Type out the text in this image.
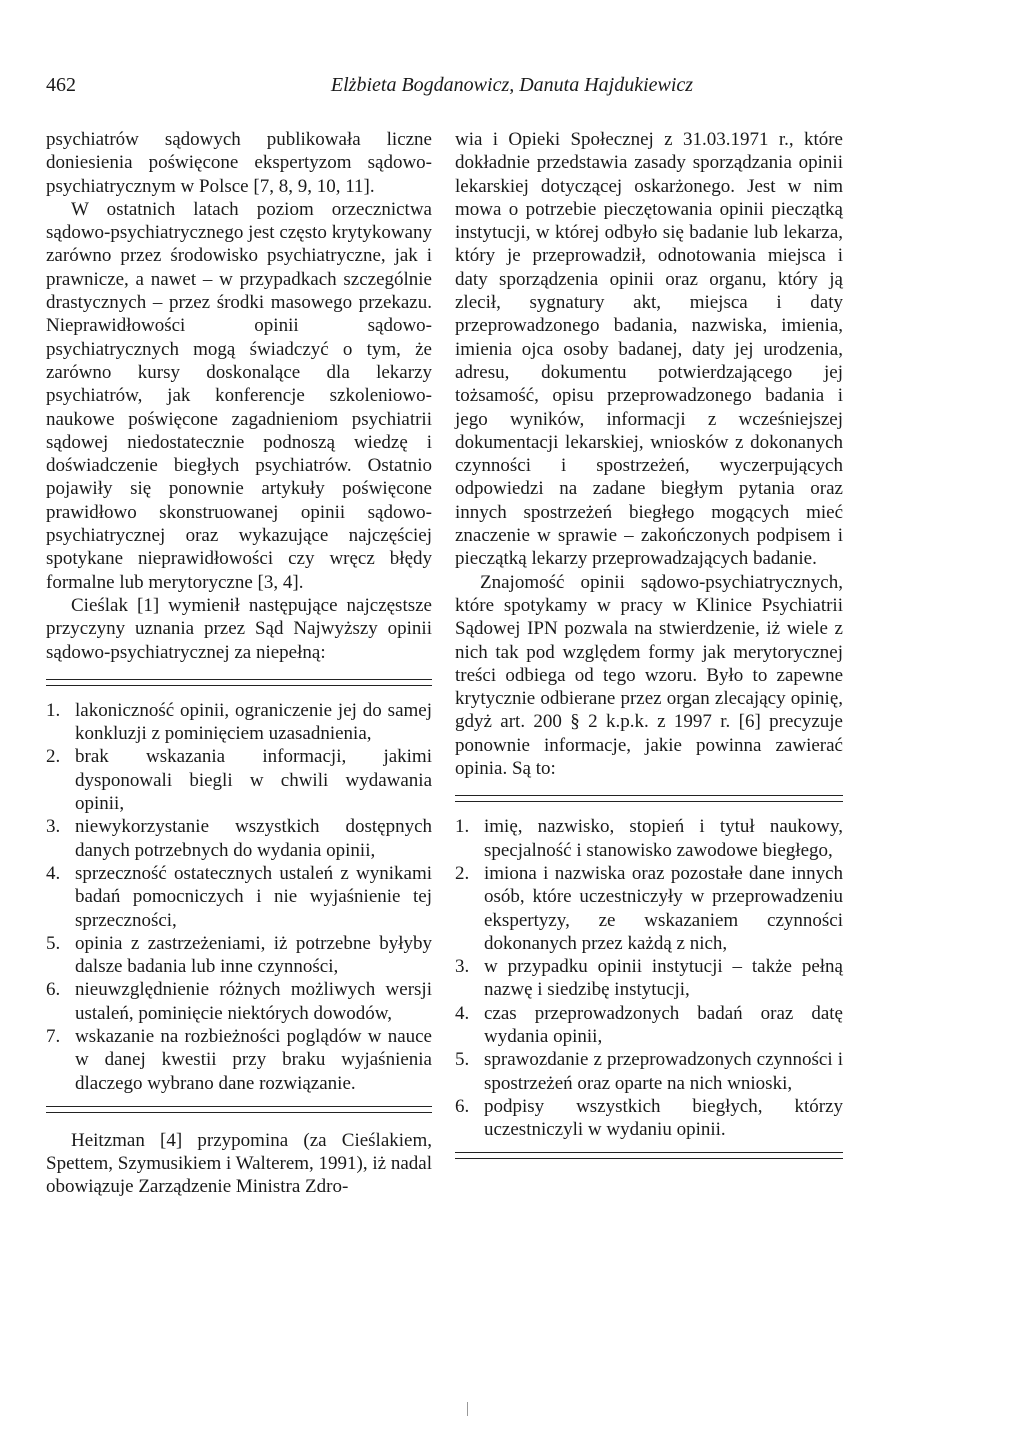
462	Elżbieta Bogdanowicz, Danuta Hajdukiewicz

psychiatrów sądowych publikowała liczne doniesienia poświęcone ekspertyzom sądowo-psychiatrycznym w Polsce [7, 8, 9, 10, 11].

W ostatnich latach poziom orzecznictwa sądowo-psychiatrycznego jest często krytykowany zarówno przez środowisko psychiatryczne, jak i prawnicze, a nawet – w przypadkach szczególnie drastycznych – przez środki masowego przekazu. Nieprawidłowości opinii sądowo-psychiatrycznych mogą świadczyć o tym, że zarówno kursy doskonalące dla lekarzy psychiatrów, jak konferencje szkoleniowo-naukowe poświęcone zagadnieniom psychiatrii sądowej niedostatecznie podnoszą wiedzę i doświadczenie biegłych psychiatrów. Ostatnio pojawiły się ponownie artykuły poświęcone prawidłowo skonstruowanej opinii sądowo-psychiatrycznej oraz wykazujące najczęściej spotykane nieprawidłowości czy wręcz błędy formalne lub merytoryczne [3, 4].

Cieślak [1] wymienił następujące najczęstsze przyczyny uznania przez Sąd Najwyższy opinii sądowo-psychiatrycznej za niepełną:

1. lakoniczność opinii, ograniczenie jej do samej konkluzji z pominięciem uzasadnienia,
2. brak wskazania informacji, jakimi dysponowali biegli w chwili wydawania opinii,
3. niewykorzystanie wszystkich dostępnych danych potrzebnych do wydania opinii,
4. sprzeczność ostatecznych ustaleń z wynikami badań pomocniczych i nie wyjaśnienie tej sprzeczności,
5. opinia z zastrzeżeniami, iż potrzebne byłyby dalsze badania lub inne czynności,
6. nieuwzględnienie różnych możliwych wersji ustaleń, pominięcie niektórych dowodów,
7. wskazanie na rozbieżności poglądów w nauce w danej kwestii przy braku wyjaśnienia dlaczego wybrano dane rozwiązanie.

Heitzman [4] przypomina (za Cieślakiem, Spettem, Szymusikiem i Walterem, 1991), iż nadal obowiązuje Zarządzenie Ministra Zdro-

wia i Opieki Społecznej z 31.03.1971 r., które dokładnie przedstawia zasady sporządzania opinii lekarskiej dotyczącej oskarżonego. Jest w nim mowa o potrzebie pieczętowania opinii pieczątką instytucji, w której odbyło się badanie lub lekarza, który je przeprowadził, odnotowania miejsca i daty sporządzenia opinii oraz organu, który ją zlecił, sygnatury akt, miejsca i daty przeprowadzonego badania, nazwiska, imienia, imienia ojca osoby badanej, daty jej urodzenia, adresu, dokumentu potwierdzającego jej tożsamość, opisu przeprowadzonego badania i jego wyników, informacji z wcześniejszej dokumentacji lekarskiej, wniosków z dokonanych czynności i spostrzeżeń, wyczerpujących odpowiedzi na zadane biegłym pytania oraz innych spostrzeżeń biegłego mogących mieć znaczenie w sprawie – zakończonych podpisem i pieczątką lekarzy przeprowadzających badanie.

Znajomość opinii sądowo-psychiatrycznych, które spotykamy w pracy w Klinice Psychiatrii Sądowej IPN pozwala na stwierdzenie, iż wiele z nich tak pod względem formy jak merytorycznej treści odbiega od tego wzoru. Było to zapewne krytycznie odbierane przez organ zlecający opinię, gdyż art. 200 § 2 k.p.k. z 1997 r. [6] precyzuje ponownie informacje, jakie powinna zawierać opinia. Są to:

1. imię, nazwisko, stopień i tytuł naukowy, specjalność i stanowisko zawodowe biegłego,
2. imiona i nazwiska oraz pozostałe dane innych osób, które uczestniczyły w przeprowadzeniu ekspertyzy, ze wskazaniem czynności dokonanych przez każdą z nich,
3. w przypadku opinii instytucji – także pełną nazwę i siedzibę instytucji,
4. czas przeprowadzonych badań oraz datę wydania opinii,
5. sprawozdanie z przeprowadzonych czynności i spostrzeżeń oraz oparte na nich wnioski,
6. podpisy wszystkich biegłych, którzy uczestniczyli w wydaniu opinii.
